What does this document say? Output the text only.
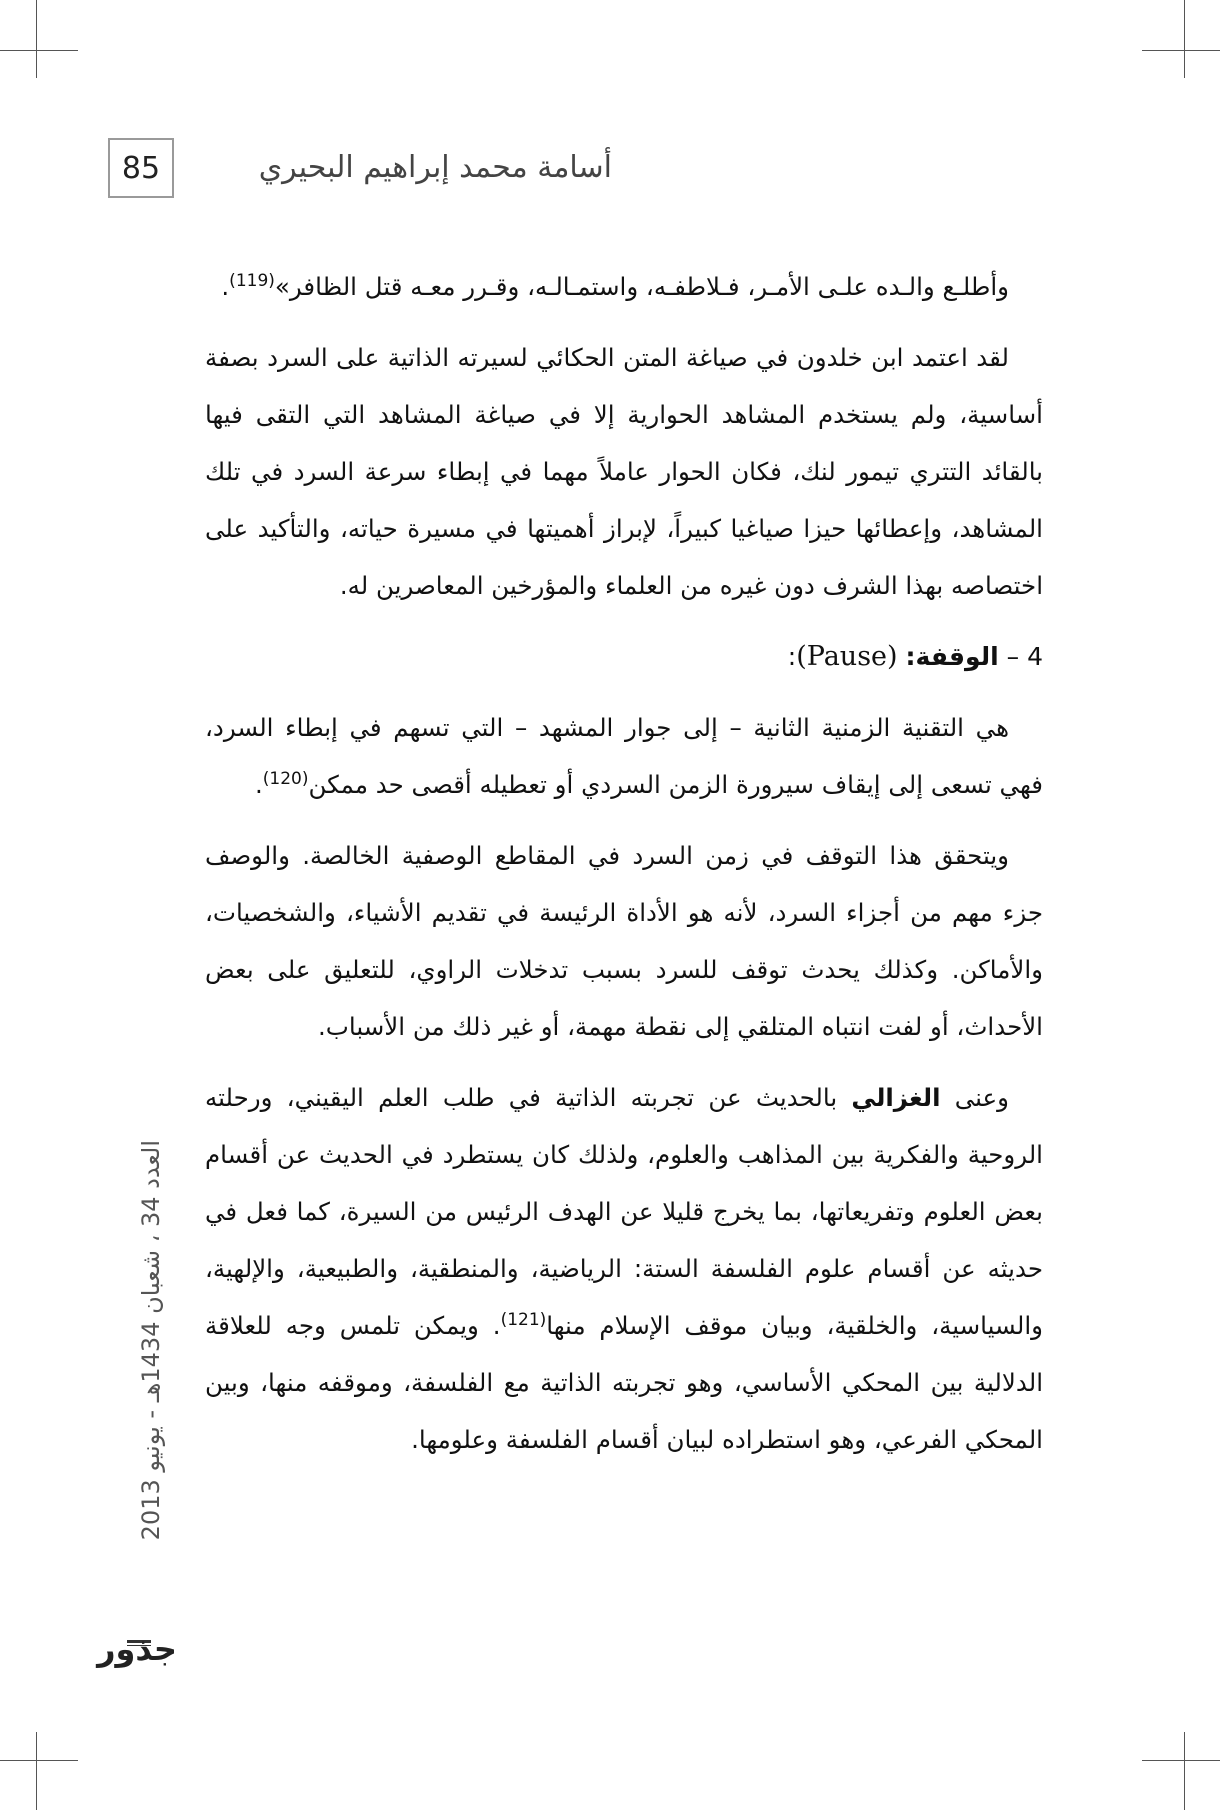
أسامة محمد إبراهيم البحيري
85

وأطلـع والـده علـى الأمـر، فـلاطفـه، واستمـالـه، وقـرر معـه قتل الظافر»$^{(119)}$.

لقد اعتمد ابن خلدون في صياغة المتن الحكائي لسيرته الذاتية على السرد بصفة أساسية، ولم يستخدم المشاهد الحوارية إلا في صياغة المشاهد التي التقى فيها بالقائد التتري تيمور لنك، فكان الحوار عاملاً مهما في إبطاء سرعة السرد في تلك المشاهد، وإعطائها حيزا صياغيا كبيراً، لإبراز أهميتها في مسيرة حياته، والتأكيد على اختصاصه بهذا الشرف دون غيره من العلماء والمؤرخين المعاصرين له.

4 – الوقفة: (Pause):

هي التقنية الزمنية الثانية – إلى جوار المشهد – التي تسهم في إبطاء السرد، فهي تسعى إلى إيقاف سيرورة الزمن السردي أو تعطيله أقصى حد ممكن$^{(120)}$.

ويتحقق هذا التوقف في زمن السرد في المقاطع الوصفية الخالصة. والوصف جزء مهم من أجزاء السرد، لأنه هو الأداة الرئيسة في تقديم الأشياء، والشخصيات، والأماكن. وكذلك يحدث توقف للسرد بسبب تدخلات الراوي، للتعليق على بعض الأحداث، أو لفت انتباه المتلقي إلى نقطة مهمة، أو غير ذلك من الأسباب.

وعنى الغزالي بالحديث عن تجربته الذاتية في طلب العلم اليقيني، ورحلته الروحية والفكرية بين المذاهب والعلوم، ولذلك كان يستطرد في الحديث عن أقسام بعض العلوم وتفريعاتها، بما يخرج قليلا عن الهدف الرئيس من السيرة، كما فعل في حديثه عن أقسام علوم الفلسفة الستة: الرياضية، والمنطقية، والطبيعية، والإلهية، والسياسية، والخلقية، وبيان موقف الإسلام منها$^{(121)}$. ويمكن تلمس وجه للعلاقة الدلالية بين المحكي الأساسي، وهو تجربته الذاتية مع الفلسفة، وموقفه منها، وبين المحكي الفرعي، وهو استطراده لبيان أقسام الفلسفة وعلومها.

العدد 34 ، شعبان 1434هـ - يونيو 2013
جذور
